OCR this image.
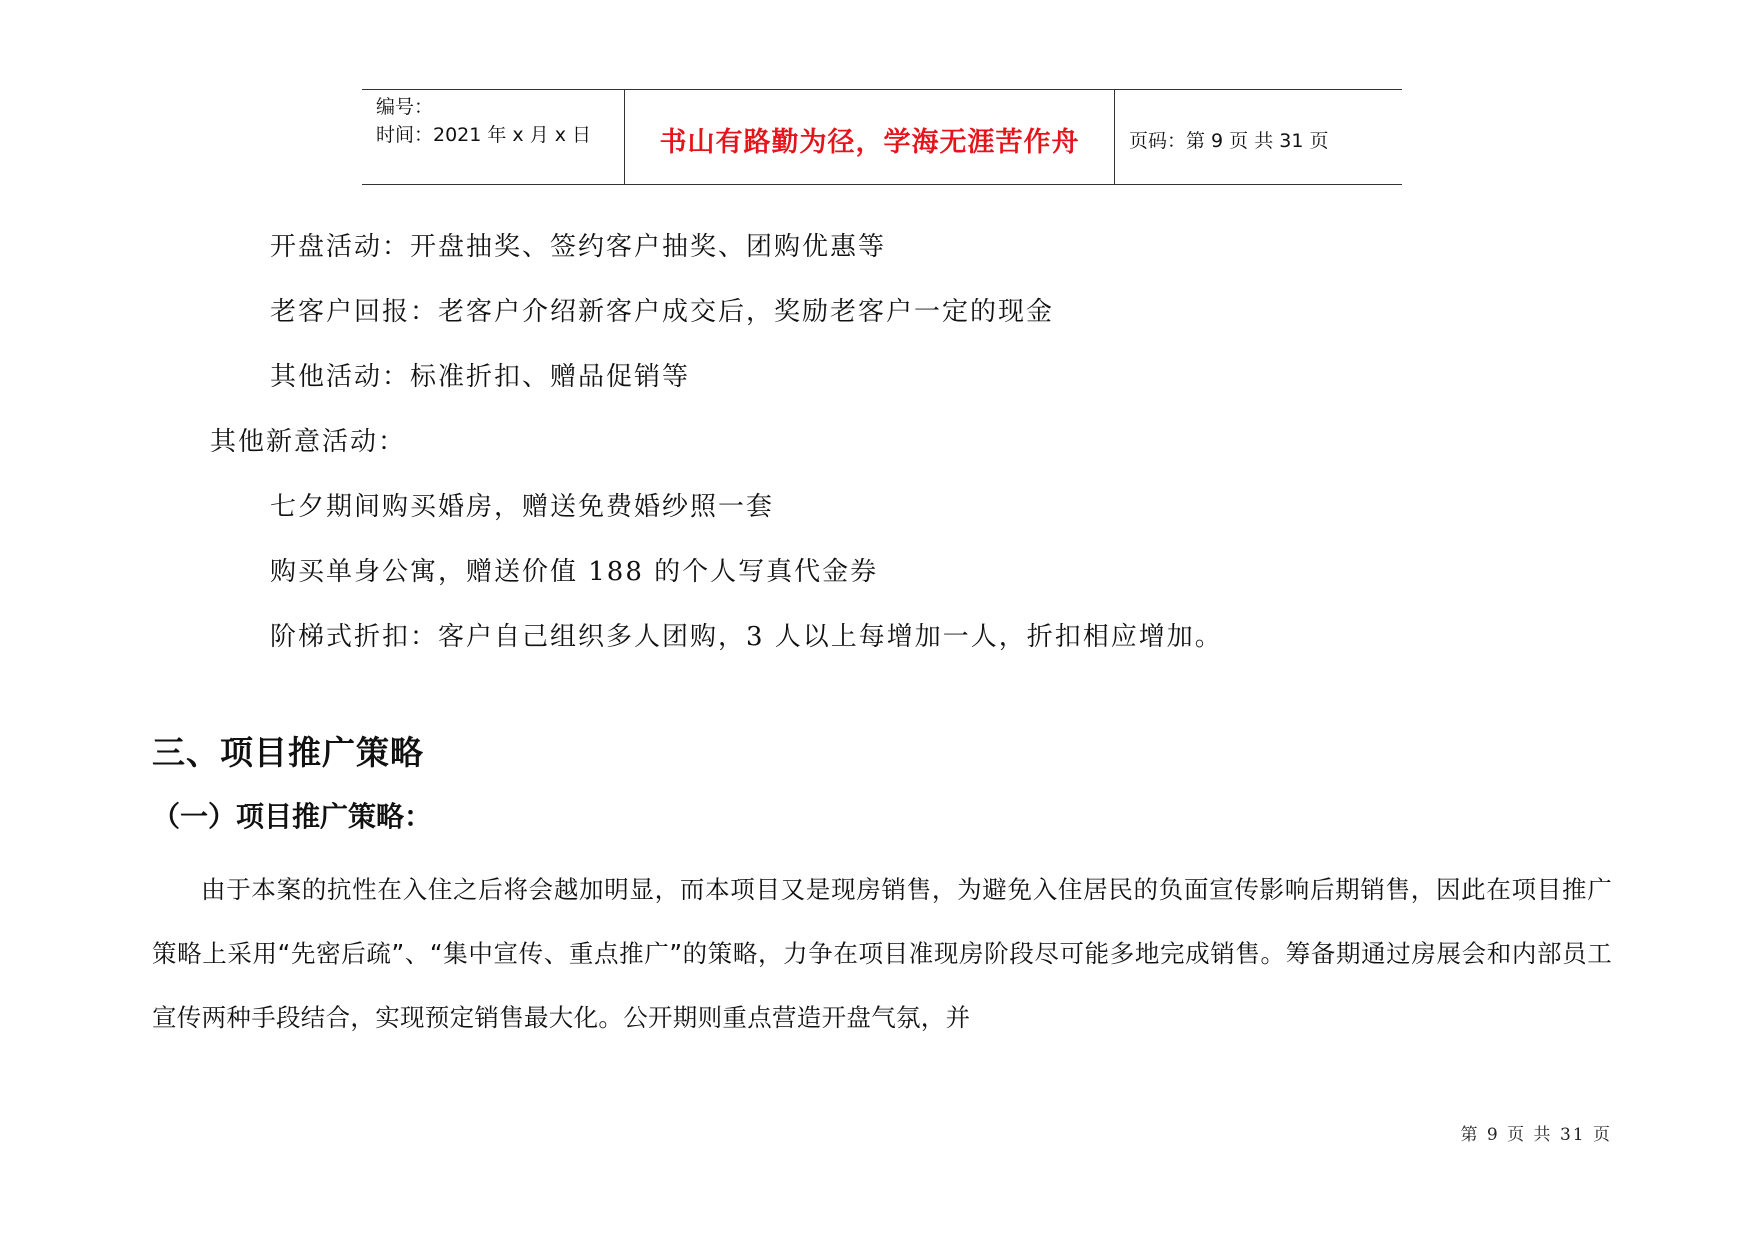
编号：
时间：2021 年 x 月 x 日	书山有路勤为径，学海无涯苦作舟	页码：第 9 页 共 31 页
开盘活动：开盘抽奖、签约客户抽奖、团购优惠等
老客户回报：老客户介绍新客户成交后，奖励老客户一定的现金
其他活动：标准折扣、赠品促销等
其他新意活动：
七夕期间购买婚房，赠送免费婚纱照一套
购买单身公寓，赠送价值 188 的个人写真代金券
阶梯式折扣：客户自己组织多人团购，3 人以上每增加一人，折扣相应增加。
三、项目推广策略
（一）项目推广策略：
由于本案的抗性在入住之后将会越加明显，而本项目又是现房销售，为避免入住居民的负面宣传影响后期销售，因此在项目推广策略上采用“先密后疏”、“集中宣传、重点推广”的策略，力争在项目准现房阶段尽可能多地完成销售。筹备期通过房展会和内部员工宣传两种手段结合，实现预定销售最大化。公开期则重点营造开盘气氛，并
第 9 页 共 31 页
